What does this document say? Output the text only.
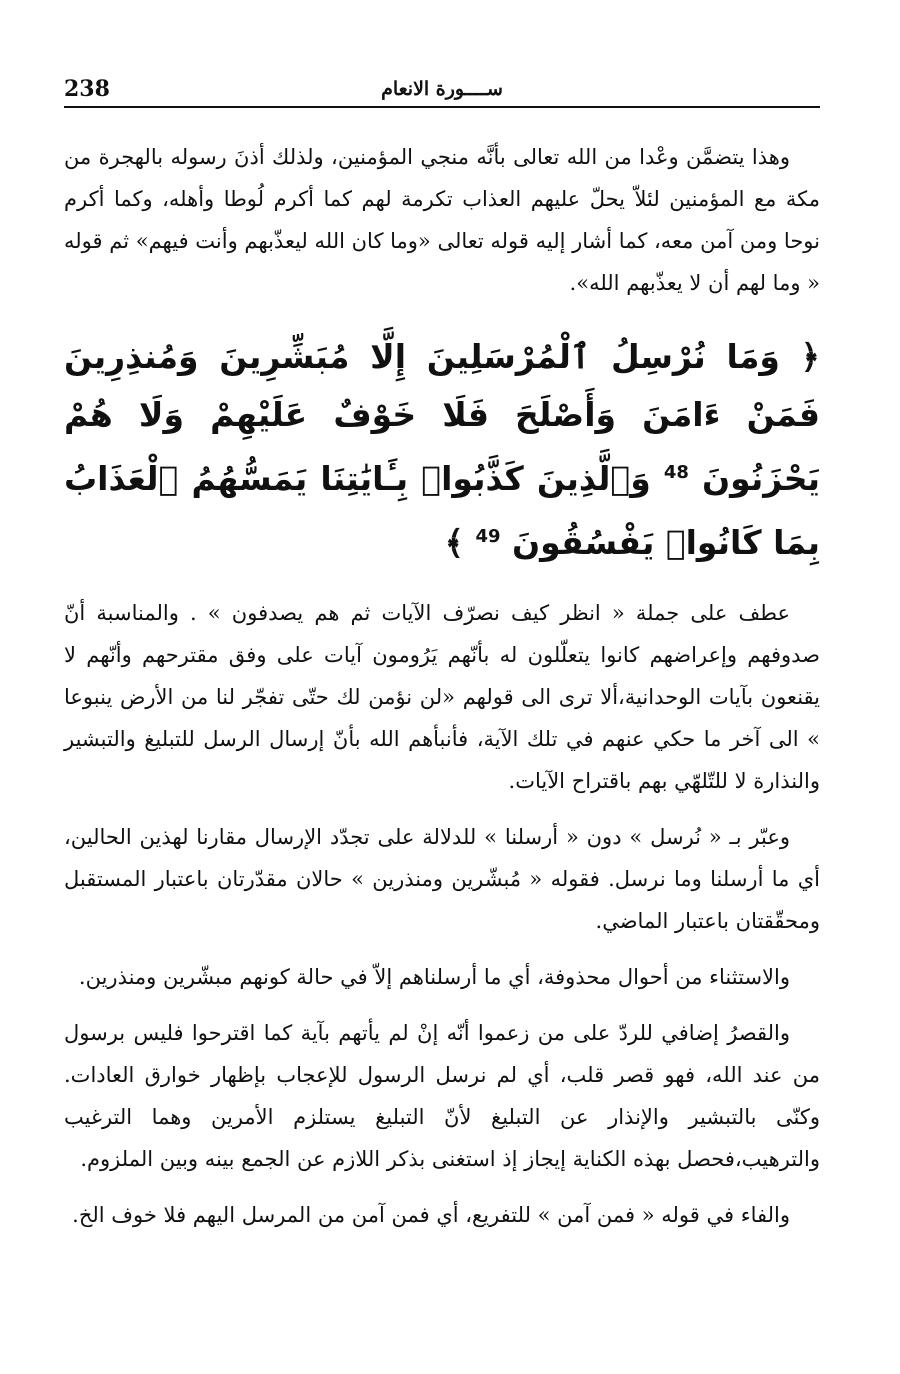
238	ســــورة الانعام

وهذا يتضمَّن وعْدا من الله تعالى بأنَّه منجي المؤمنين، ولذلك أذنَ رسوله بالهجرة من مكة مع المؤمنين لئلاّ يحلّ عليهم العذاب تكرمة لهم كما أكرم لُوطا وأهله، وكما أكرم نوحا ومن آمن معه، كما أشار إليه قوله تعالى «وما كان الله ليعذّبهم وأنت فيهم» ثم قوله « وما لهم أن لا يعذّبهم الله».

﴿ وَمَا نُرْسِلُ ٱلْمُرْسَلِينَ إِلَّا مُبَشِّرِينَ وَمُنذِرِينَ فَمَنْ ءَامَنَ وَأَصْلَحَ فَلَا خَوْفٌ عَلَيْهِمْ وَلَا هُمْ يَحْزَنُونَ $^{48}$ وَٱلَّذِينَ كَذَّبُوا۟ بِـَٔايَٰتِنَا يَمَسُّهُمُ ٱلْعَذَابُ بِمَا كَانُوا۟ يَفْسُقُونَ $^{49}$ ﴾

عطف على جملة « انظر كيف نصرّف الآيات ثم هم يصدفون » . والمناسبة أنّ صدوفهم وإعراضهم كانوا يتعلّلون له بأنّهم يَرُومون آيات على وفق مقترحهم وأنّهم لا يقنعون بآيات الوحدانية،ألا ترى الى قولهم «لن نؤمن لك حتّى تفجّر لنا من الأرض ينبوعا » الى آخر ما حكي عنهم في تلك الآية، فأنبأهم الله بأنّ إرسال الرسل للتبليغ والتبشير والنذارة لا للتّلهّي بهم باقتراح الآيات.

وعبّر بـ « نُرسل » دون « أرسلنا » للدلالة على تجدّد الإرسال مقارنا لهذين الحالين، أي ما أرسلنا وما نرسل. فقوله « مُبشّرين ومنذرين » حالان مقدّرتان باعتبار المستقبل ومحقّقتان باعتبار الماضي.

والاستثناء من أحوال محذوفة، أي ما أرسلناهم إلاّ في حالة كونهم مبشّرين ومنذرين.

والقصرُ إضافي للردّ على من زعموا أنّه إنْ لم يأتهم بآية كما اقترحوا فليس برسول من عند الله، فهو قصر قلب، أي لم نرسل الرسول للإعجاب بإظهار خوارق العادات. وكنّى بالتبشير والإنذار عن التبليغ لأنّ التبليغ يستلزم الأمرين وهما الترغيب والترهيب،فحصل بهذه الكناية إيجاز إذ استغنى بذكر اللازم عن الجمع بينه وبين الملزوم.

والفاء في قوله « فمن آمن » للتفريع، أي فمن آمن من المرسل اليهم فلا خوف الخ.
